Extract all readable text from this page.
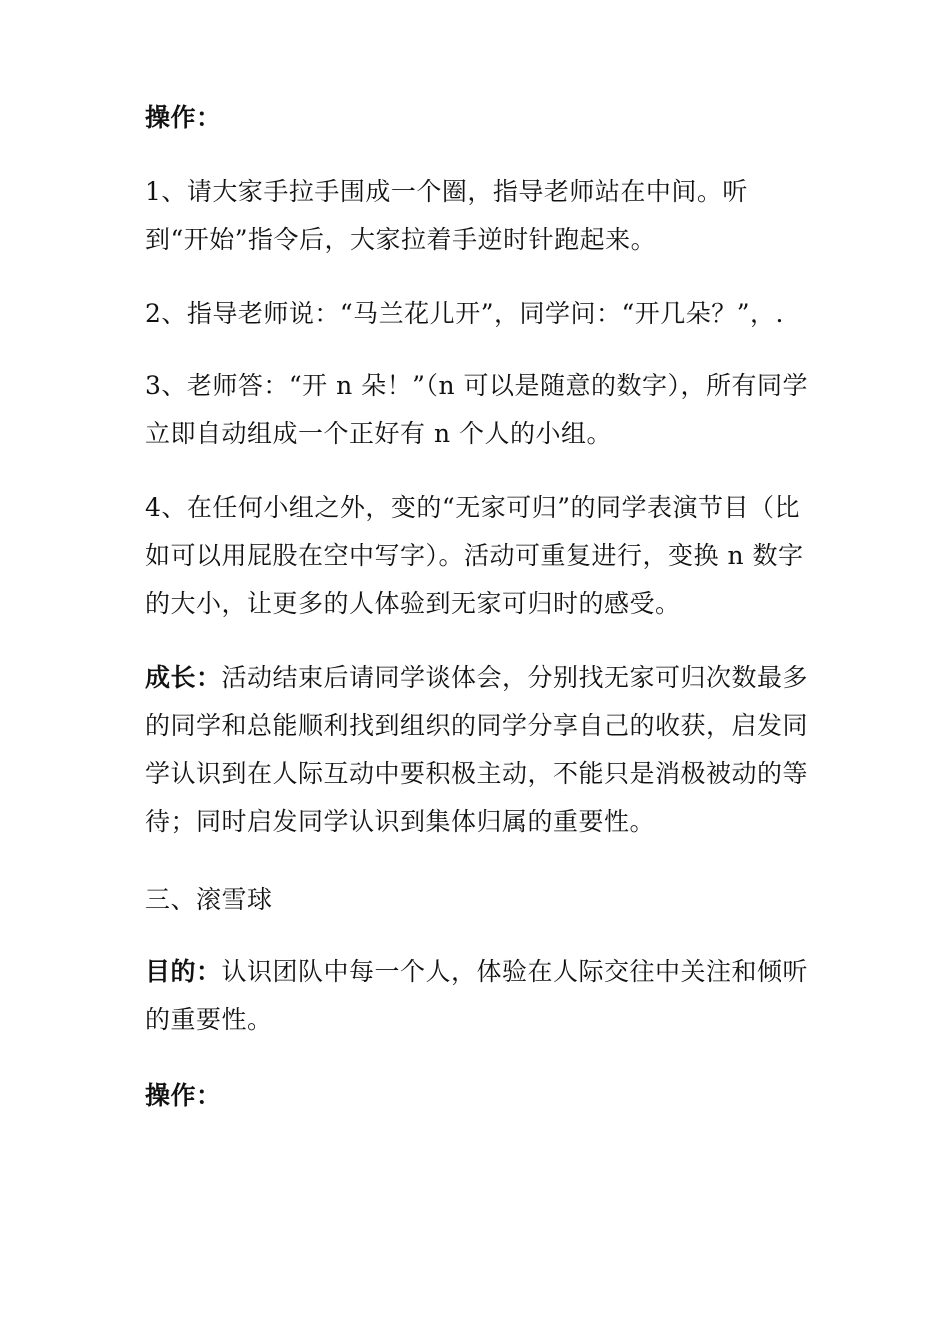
操作：

1、请大家手拉手围成一个圈，指导老师站在中间。听到“开始”指令后，大家拉着手逆时针跑起来。

2、指导老师说：“马兰花儿开”，同学问：“开几朵？”，.

3、老师答：“开 n 朵！”（n 可以是随意的数字），所有同学立即自动组成一个正好有 n 个人的小组。

4、在任何小组之外，变的“无家可归”的同学表演节目（比如可以用屁股在空中写字）。活动可重复进行，变换 n 数字的大小，让更多的人体验到无家可归时的感受。

成长：活动结束后请同学谈体会，分别找无家可归次数最多的同学和总能顺利找到组织的同学分享自己的收获，启发同学认识到在人际互动中要积极主动，不能只是消极被动的等待；同时启发同学认识到集体归属的重要性。

三、滚雪球

目的：认识团队中每一个人，体验在人际交往中关注和倾听的重要性。

操作：
